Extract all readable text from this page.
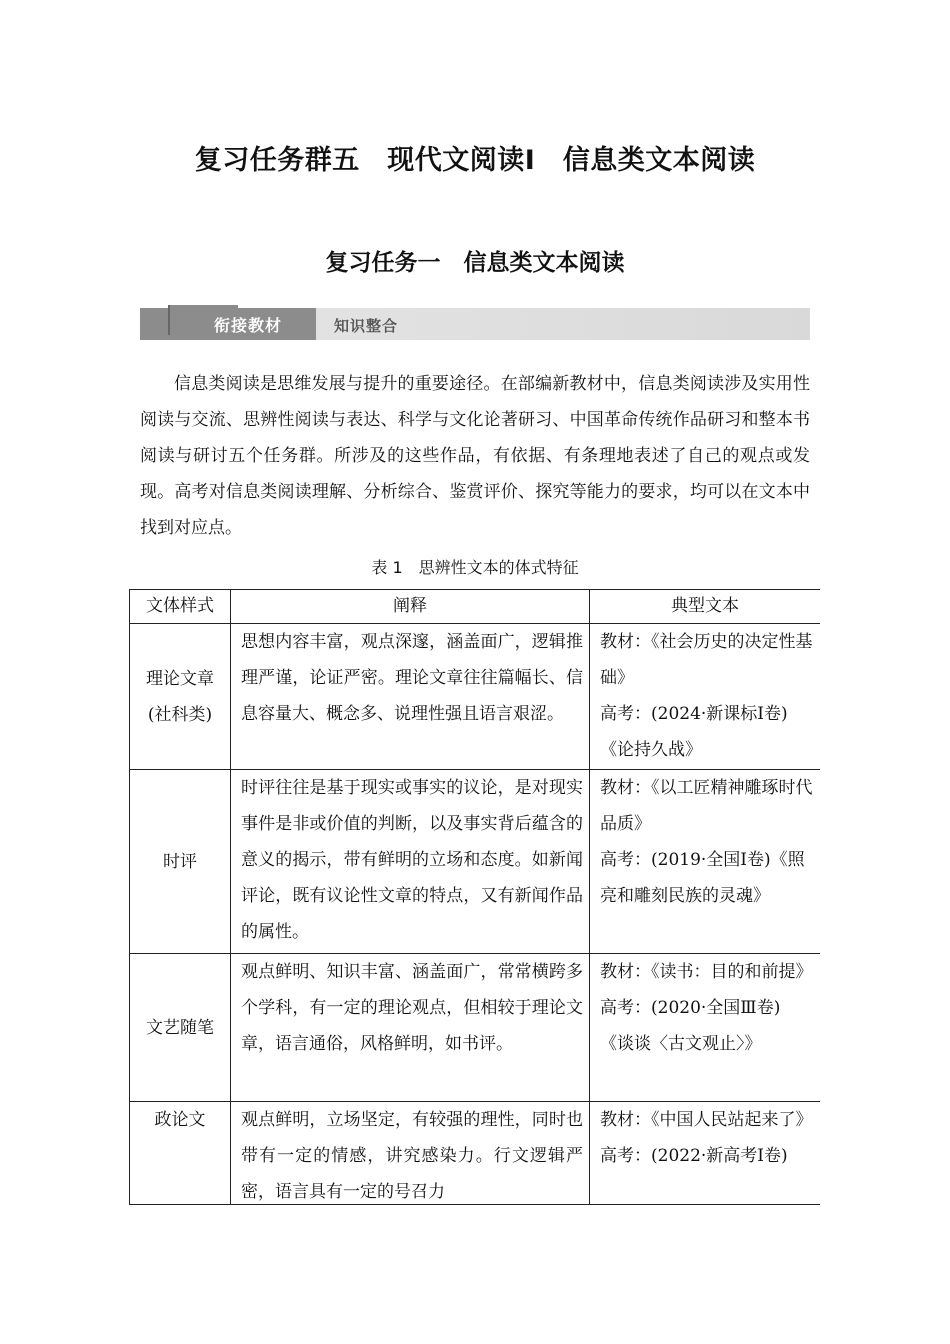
复习任务群五　现代文阅读Ⅰ　信息类文本阅读
复习任务一　信息类文本阅读
衔接教材	知识整合

信息类阅读是思维发展与提升的重要途径。在部编新教材中，信息类阅读涉及实用性阅读与交流、思辨性阅读与表达、科学与文化论著研习、中国革命传统作品研习和整本书阅读与研讨五个任务群。所涉及的这些作品，有依据、有条理地表述了自己的观点或发现。高考对信息类阅读理解、分析综合、鉴赏评价、探究等能力的要求，均可以在文本中找到对应点。

表 1　思辨性文本的体式特征
文体样式	阐释	典型文本
理论文章(社科类)	思想内容丰富，观点深邃，涵盖面广，逻辑推理严谨，论证严密。理论文章往往篇幅长、信息容量大、概念多、说理性强且语言艰涩。	教材：《社会历史的决定性基础》
高考：(2024·新课标Ⅰ卷)《论持久战》

时评	时评往往是基于现实或事实的议论，是对现实事件是非或价值的判断，以及事实背后蕴含的意义的揭示，带有鲜明的立场和态度。如新闻评论，既有议论性文章的特点，又有新闻作品的属性。	教材：《以工匠精神雕琢时代品质》
高考：(2019·全国Ⅰ卷)《照亮和雕刻民族的灵魂》

文艺随笔	观点鲜明、知识丰富、涵盖面广，常常横跨多个学科，有一定的理论观点，但相较于理论文章，语言通俗，风格鲜明，如书评。	教材：《读书：目的和前提》
高考：(2020·全国Ⅲ卷)《谈谈〈古文观止〉》

政论文	观点鲜明，立场坚定，有较强的理性，同时也带有一定的情感，讲究感染力。行文逻辑严密，语言具有一定的号召力	教材：《中国人民站起来了》
高考：(2022·新高考Ⅰ卷)
